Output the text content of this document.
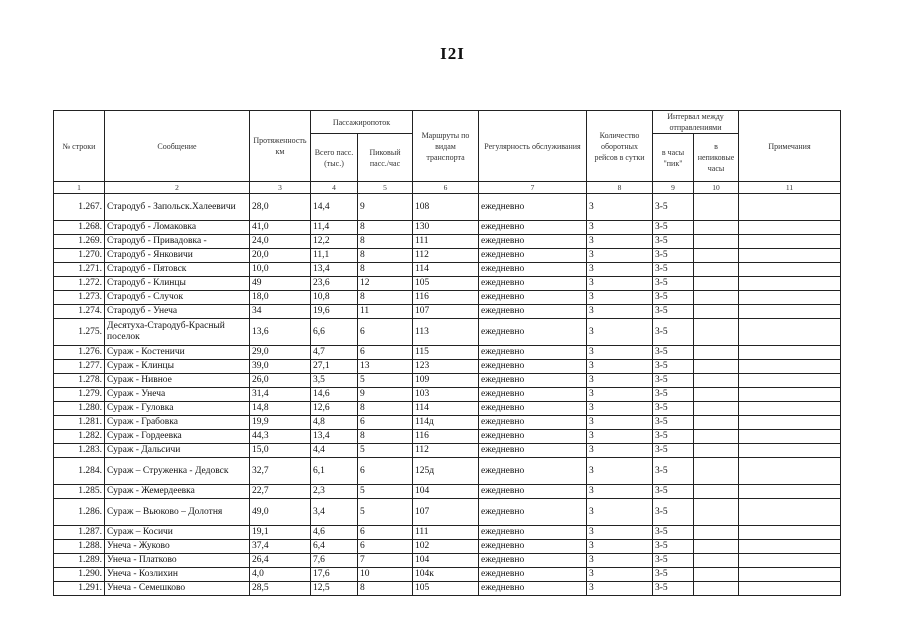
I2I
№ строки	Сообщение	Протяженность км	Пассажиропоток		Маршруты по видам транспорта	Регулярность обслуживания	Количество оборотных рейсов в сутки	Интервал между отправлениями		Примечания
			Всего пасс.(тыс.)	Пиковый пасс./час				в часы "пик"	в непиковые часы	
1	2	3	4	5	6	7	8	9	10	11
1.267.	Стародуб - Запольск.Халеевичи	28,0	14,4	9	108	ежедневно	3	3-5		
1.268.	Стародуб - Ломаковка	41,0	11,4	8	130	ежедневно	3	3-5		
1.269.	Стародуб - Привадовка -	24,0	12,2	8	111	ежедневно	3	3-5		
1.270.	Стародуб - Янковичи	20,0	11,1	8	112	ежедневно	3	3-5		
1.271.	Стародуб - Пятовск	10,0	13,4	8	114	ежедневно	3	3-5		
1.272.	Стародуб - Клинцы	49	23,6	12	105	ежедневно	3	3-5		
1.273.	Стародуб - Случок	18,0	10,8	8	116	ежедневно	3	3-5		
1.274.	Стародуб - Унеча	34	19,6	11	107	ежедневно	3	3-5		
1.275.	Десятуха-Стародуб-Красный поселок	13,6	6,6	6	113	ежедневно	3	3-5		
1.276.	Сураж - Костеничи	29,0	4,7	6	115	ежедневно	3	3-5		
1.277.	Сураж - Клинцы	39,0	27,1	13	123	ежедневно	3	3-5		
1.278.	Сураж - Нивное	26,0	3,5	5	109	ежедневно	3	3-5		
1.279.	Сураж - Унеча	31,4	14,6	9	103	ежедневно	3	3-5		
1.280.	Сураж - Гуловка	14,8	12,6	8	114	ежедневно	3	3-5		
1.281.	Сураж - Грабовка	19,9	4,8	6	114д	ежедневно	3	3-5		
1.282.	Сураж - Гордеевка	44,3	13,4	8	116	ежедневно	3	3-5		
1.283.	Сураж - Дальсичи	15,0	4,4	5	112	ежедневно	3	3-5		
1.284.	Сураж – Струженка - Дедовск	32,7	6,1	6	125д	ежедневно	3	3-5		
1.285.	Сураж - Жемердеевка	22,7	2,3	5	104	ежедневно	3	3-5		
1.286.	Сураж – Вьюково – Долотня	49,0	3,4	5	107	ежедневно	3	3-5		
1.287.	Сураж – Косичи	19,1	4,6	6	111	ежедневно	3	3-5		
1.288.	Унеча - Жуково	37,4	6,4	6	102	ежедневно	3	3-5		
1.289.	Унеча - Платково	26,4	7,6	7	104	ежедневно	3	3-5		
1.290.	Унеча - Козлихин	4,0	17,6	10	104к	ежедневно	3	3-5		
1.291.	Унеча - Семешково	28,5	12,5	8	105	ежедневно	3	3-5		
